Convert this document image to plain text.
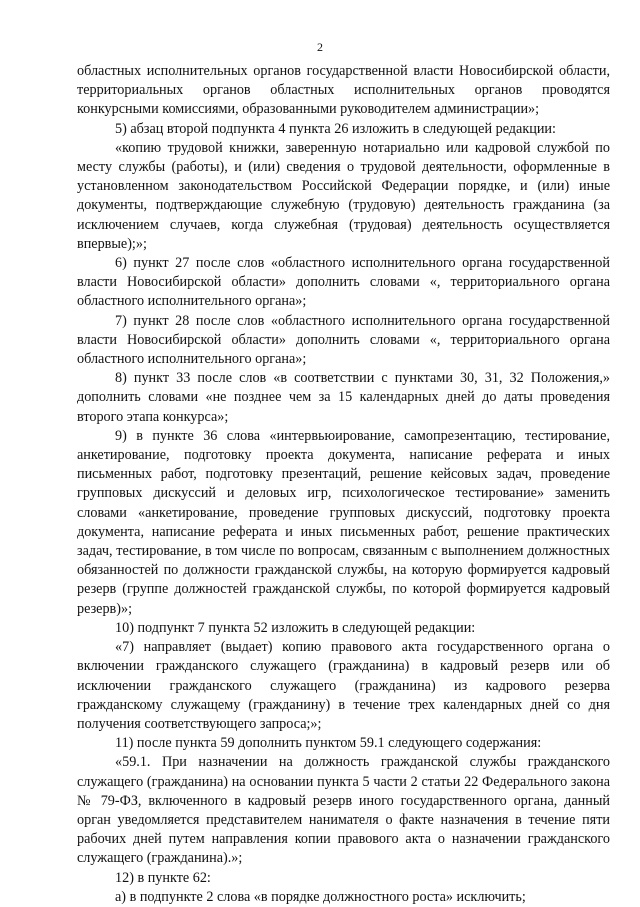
2

областных исполнительных органов государственной власти Новосибирской области, территориальных органов областных исполнительных органов проводятся конкурсными комиссиями, образованными руководителем администрации»;

5) абзац второй подпункта 4 пункта 26 изложить в следующей редакции:

«копию трудовой книжки, заверенную нотариально или кадровой службой по месту службы (работы), и (или) сведения о трудовой деятельности, оформленные в установленном законодательством Российской Федерации порядке, и (или) иные документы, подтверждающие служебную (трудовую) деятельность гражданина (за исключением случаев, когда служебная (трудовая) деятельность осуществляется впервые);»;

6) пункт 27 после слов «областного исполнительного органа государственной власти Новосибирской области» дополнить словами «, территориального органа областного исполнительного органа»;

7) пункт 28 после слов «областного исполнительного органа государственной власти Новосибирской области» дополнить словами «, территориального органа областного исполнительного органа»;

8) пункт 33 после слов «в соответствии с пунктами 30, 31, 32 Положения,» дополнить словами «не позднее чем за 15 календарных дней до даты проведения второго этапа конкурса»;

9) в пункте 36 слова «интервьюирование, самопрезентацию, тестирование, анкетирование, подготовку проекта документа, написание реферата и иных письменных работ, подготовку презентаций, решение кейсовых задач, проведение групповых дискуссий и деловых игр, психологическое тестирование» заменить словами «анкетирование, проведение групповых дискуссий, подготовку проекта документа, написание реферата и иных письменных работ, решение практических задач, тестирование, в том числе по вопросам, связанным с выполнением должностных обязанностей по должности гражданской службы, на которую формируется кадровый резерв (группе должностей гражданской службы, по которой формируется кадровый резерв)»;

10) подпункт 7 пункта 52 изложить в следующей редакции:

«7) направляет (выдает) копию правового акта государственного органа о включении гражданского служащего (гражданина) в кадровый резерв или об исключении гражданского служащего (гражданина) из кадрового резерва гражданскому служащему (гражданину) в течение трех календарных дней со дня получения соответствующего запроса;»;

11) после пункта 59 дополнить пунктом 59.1 следующего содержания:

«59.1. При назначении на должность гражданской службы гражданского служащего (гражданина) на основании пункта 5 части 2 статьи 22 Федерального закона № 79-ФЗ, включенного в кадровый резерв иного государственного органа, данный орган уведомляется представителем нанимателя о факте назначения в течение пяти рабочих дней путем направления копии правового акта о назначении гражданского служащего (гражданина).»;

12) в пункте 62:

а) в подпункте 2 слова «в порядке должностного роста» исключить;
